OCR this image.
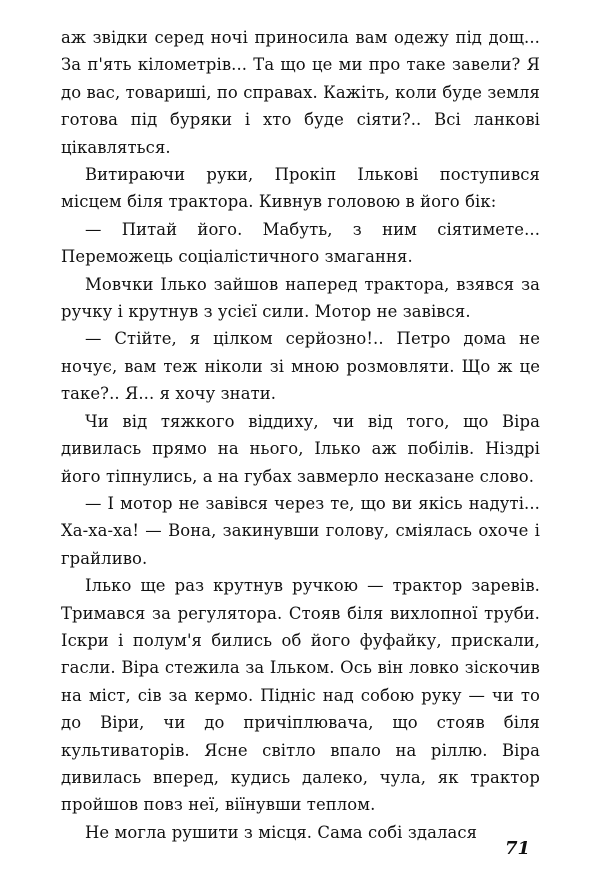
аж звідки серед ночі приносила вам одежу під дощ... За п'ять кілометрів... Та що це ми про таке завели? Я до вас, товариші, по справах. Кажіть, коли буде земля готова під буряки і хто буде сіяти?.. Всі ланкові цікавляться.

Витираючи руки, Прокіп Ількові поступився місцем біля трактора. Кивнув головою в його бік:

— Питай його. Мабуть, з ним сіятимете... Переможець соціалістичного змагання.

Мовчки Ілько зайшов наперед трактора, взявся за ручку і крутнув з усієї сили. Мотор не завівся.

— Стійте, я цілком серйозно!.. Петро дома не ночує, вам теж ніколи зі мною розмовляти. Що ж це таке?.. Я... я хочу знати.

Чи від тяжкого віддиху, чи від того, що Віра дивилась прямо на нього, Ілько аж побілів. Ніздрі його тіпнулись, а на губах завмерло несказане слово.

— І мотор не завівся через те, що ви якісь надуті... Ха-ха-ха! — Вона, закинувши голову, сміялась охоче і грайливо.

Ілько ще раз крутнув ручкою — трактор заревів. Тримався за регулятора. Стояв біля вихлопної труби. Іскри і полум'я бились об його фуфайку, прискали, гасли. Віра стежила за Ільком. Ось він ловко зіскочив на міст, сів за кермо. Підніс над собою руку — чи то до Віри, чи до причіплювача, що стояв біля культиваторів. Ясне світло впало на ріллю. Віра дивилась вперед, кудись далеко, чула, як трактор пройшов повз неї, віїнувши теплом.

Не могла рушити з місця. Сама собі здалася

71
